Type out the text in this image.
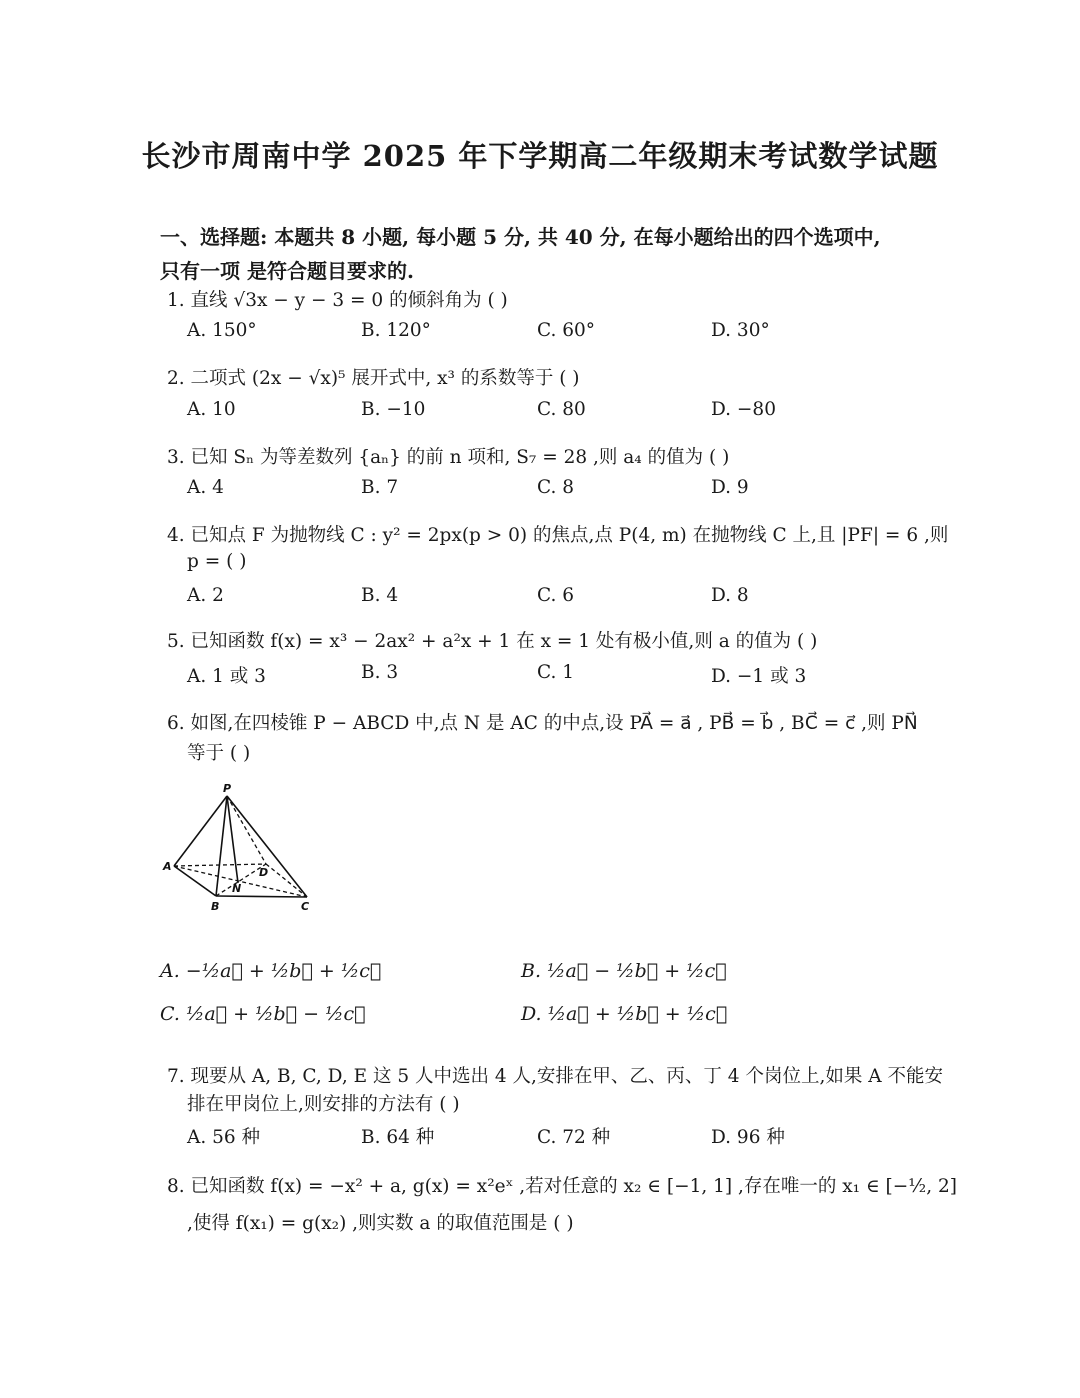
长沙市周南中学 2025 年下学期高二年级期末考试数学试题
一、选择题: 本题共 8 小题, 每小题 5 分, 共 40 分, 在每小题给出的四个选项中,
只有一项 是符合题目要求的.
1. 直线 √3x − y − 3 = 0 的倾斜角为 ( )
A. 150°	B. 120°	C. 60°	D. 30°
2. 二项式 (2x − √x)⁵ 展开式中, x³ 的系数等于 ( )
A. 10	B. −10	C. 80	D. −80
3. 已知 Sₙ 为等差数列 {aₙ} 的前 n 项和, S₇ = 28 ,则 a₄ 的值为 ( )
A. 4	B. 7	C. 8	D. 9
4. 已知点 F 为抛物线 C : y² = 2px(p > 0) 的焦点,点 P(4, m) 在抛物线 C 上,且 |PF| = 6 ,则
p = ( )
A. 2	B. 4	C. 6	D. 8
5. 已知函数 f(x) = x³ − 2ax² + a²x + 1 在 x = 1 处有极小值,则 a 的值为 ( )
A. 1 或 3	B. 3	C. 1	D. −1 或 3
6. 如图,在四棱锥 P − ABCD 中,点 N 是 AC 的中点,设 PA⃗ = a⃗ , PB⃗ = b⃗ , BC⃗ = c⃗ ,则 PN⃗
等于 ( )
P
A
B	C
D
N
A. −½a⃗ + ½b⃗ + ½c⃗	B. ½a⃗ − ½b⃗ + ½c⃗
C. ½a⃗ + ½b⃗ − ½c⃗	D. ½a⃗ + ½b⃗ + ½c⃗
7. 现要从 A, B, C, D, E 这 5 人中选出 4 人,安排在甲、乙、丙、丁 4 个岗位上,如果 A 不能安
排在甲岗位上,则安排的方法有 ( )
A. 56 种	B. 64 种	C. 72 种	D. 96 种
8. 已知函数 f(x) = −x² + a, g(x) = x²eˣ ,若对任意的 x₂ ∈ [−1, 1] ,存在唯一的 x₁ ∈ [−½, 2]
,使得 f(x₁) = g(x₂) ,则实数 a 的取值范围是 ( )
